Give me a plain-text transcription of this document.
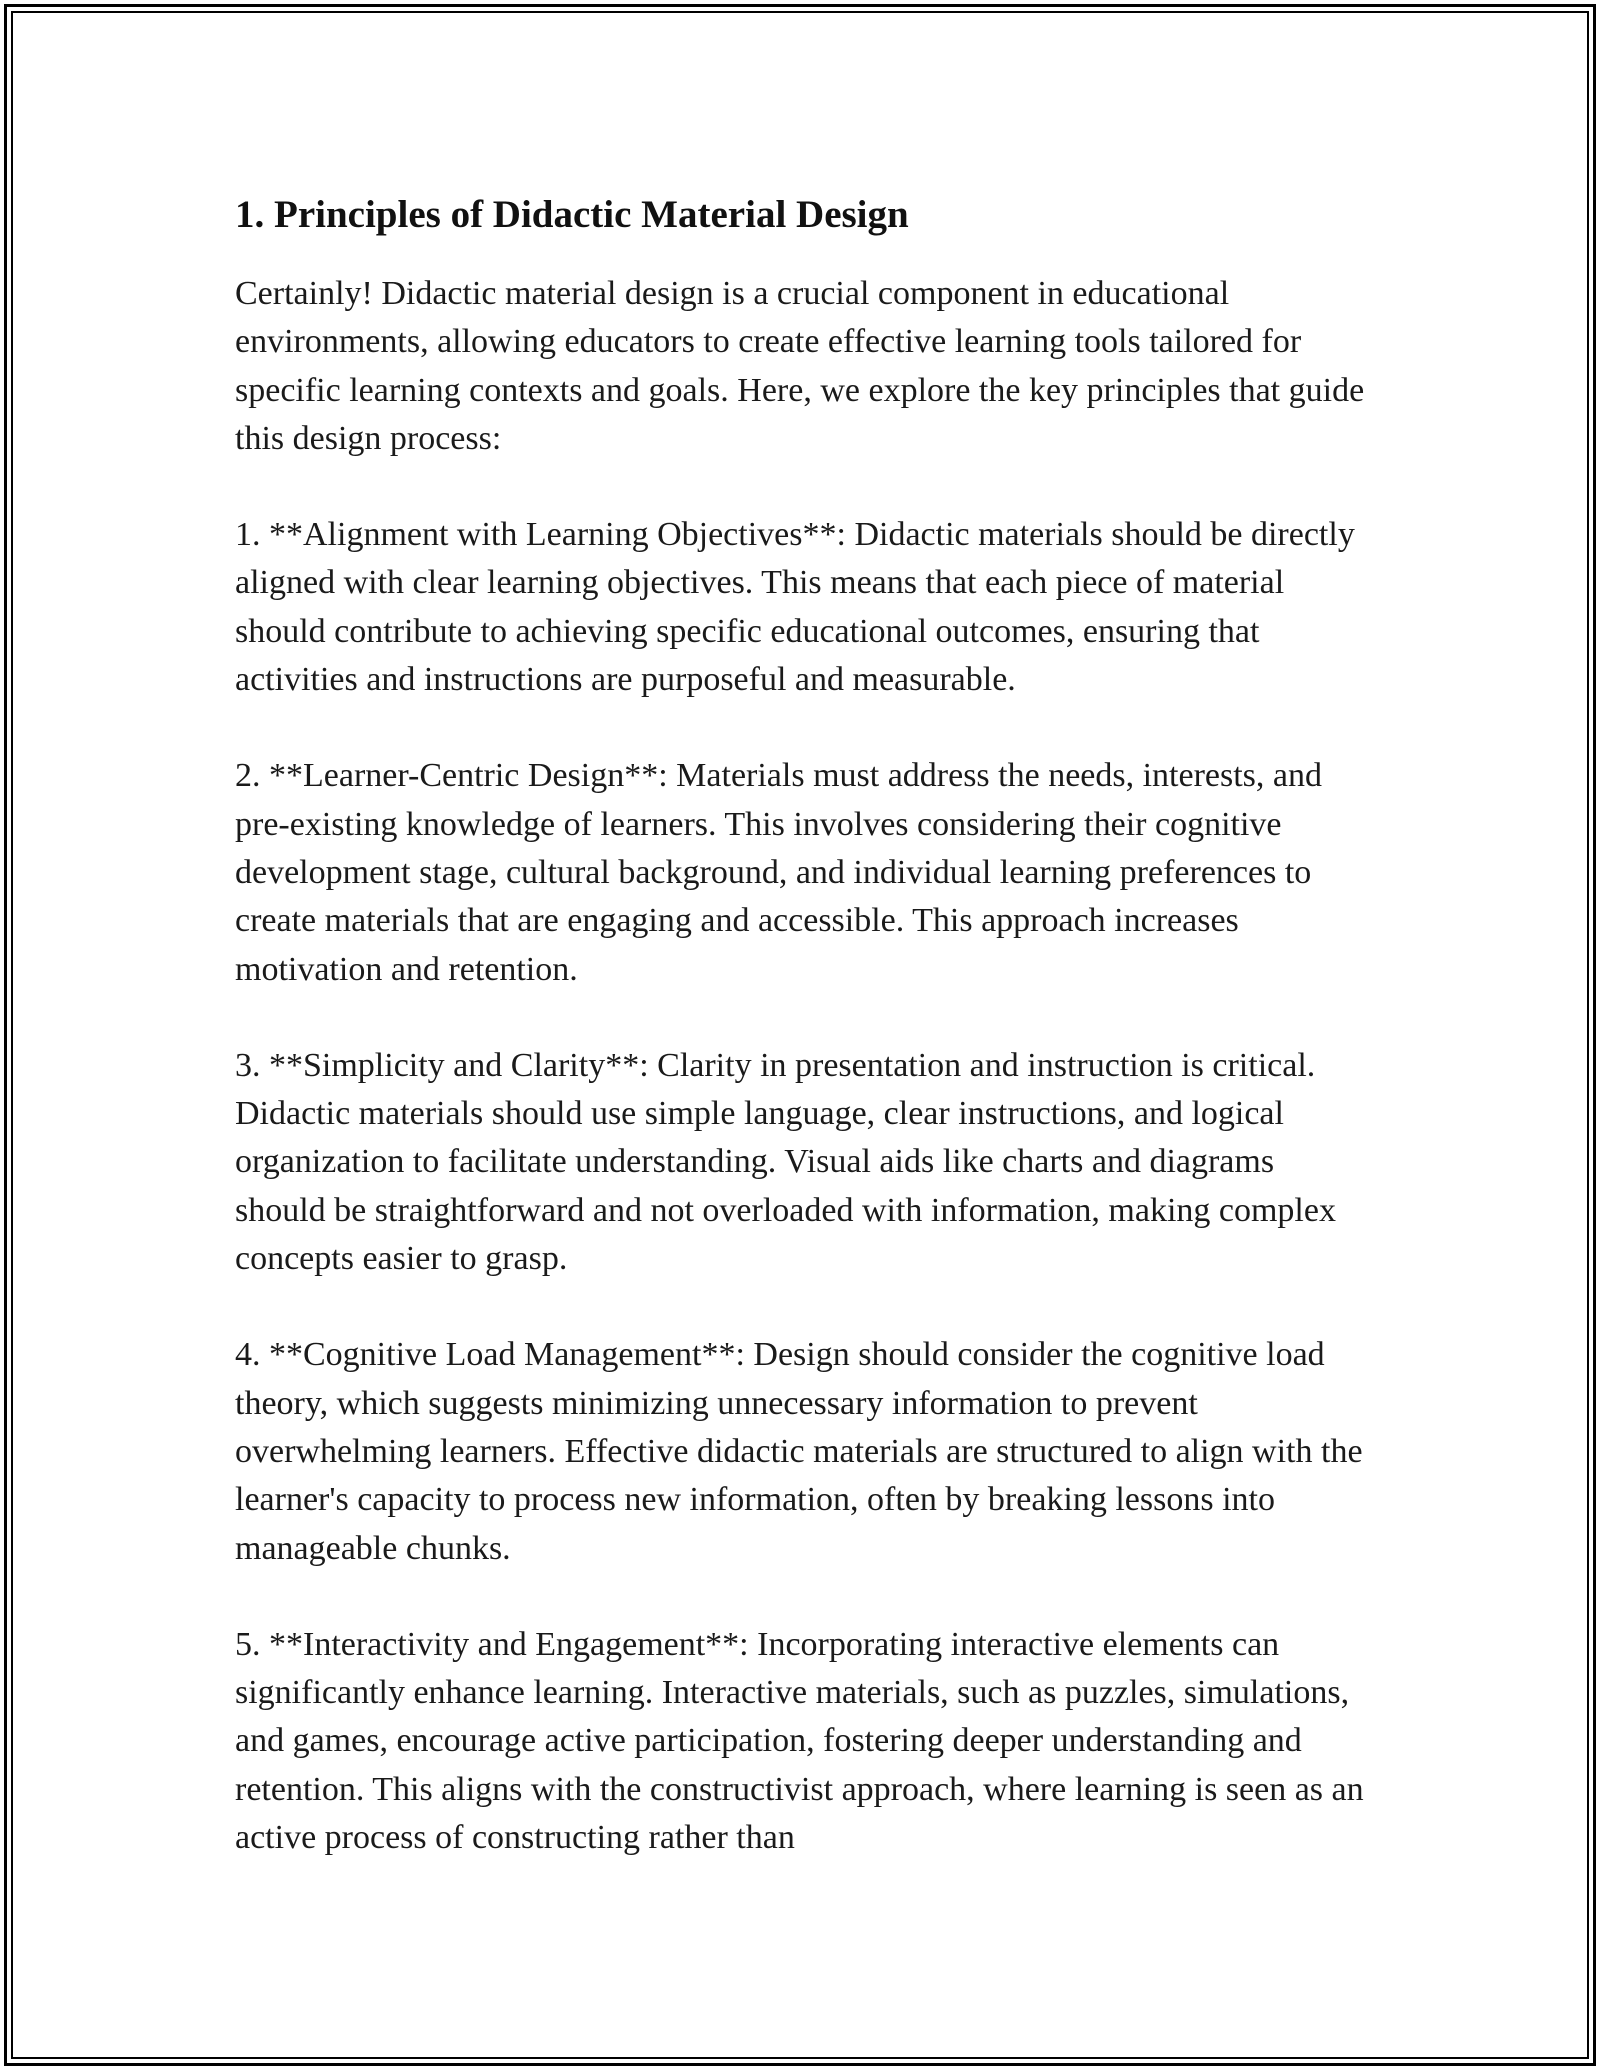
1. Principles of Didactic Material Design

Certainly! Didactic material design is a crucial component in educational environments, allowing educators to create effective learning tools tailored for specific learning contexts and goals. Here, we explore the key principles that guide this design process:

1. **Alignment with Learning Objectives**: Didactic materials should be directly aligned with clear learning objectives. This means that each piece of material should contribute to achieving specific educational outcomes, ensuring that activities and instructions are purposeful and measurable.

2. **Learner-Centric Design**: Materials must address the needs, interests, and pre-existing knowledge of learners. This involves considering their cognitive development stage, cultural background, and individual learning preferences to create materials that are engaging and accessible. This approach increases motivation and retention.

3. **Simplicity and Clarity**: Clarity in presentation and instruction is critical. Didactic materials should use simple language, clear instructions, and logical organization to facilitate understanding. Visual aids like charts and diagrams should be straightforward and not overloaded with information, making complex concepts easier to grasp.

4. **Cognitive Load Management**: Design should consider the cognitive load theory, which suggests minimizing unnecessary information to prevent overwhelming learners. Effective didactic materials are structured to align with the learner's capacity to process new information, often by breaking lessons into manageable chunks.

5. **Interactivity and Engagement**: Incorporating interactive elements can significantly enhance learning. Interactive materials, such as puzzles, simulations, and games, encourage active participation, fostering deeper understanding and retention. This aligns with the constructivist approach, where learning is seen as an active process of constructing rather than
